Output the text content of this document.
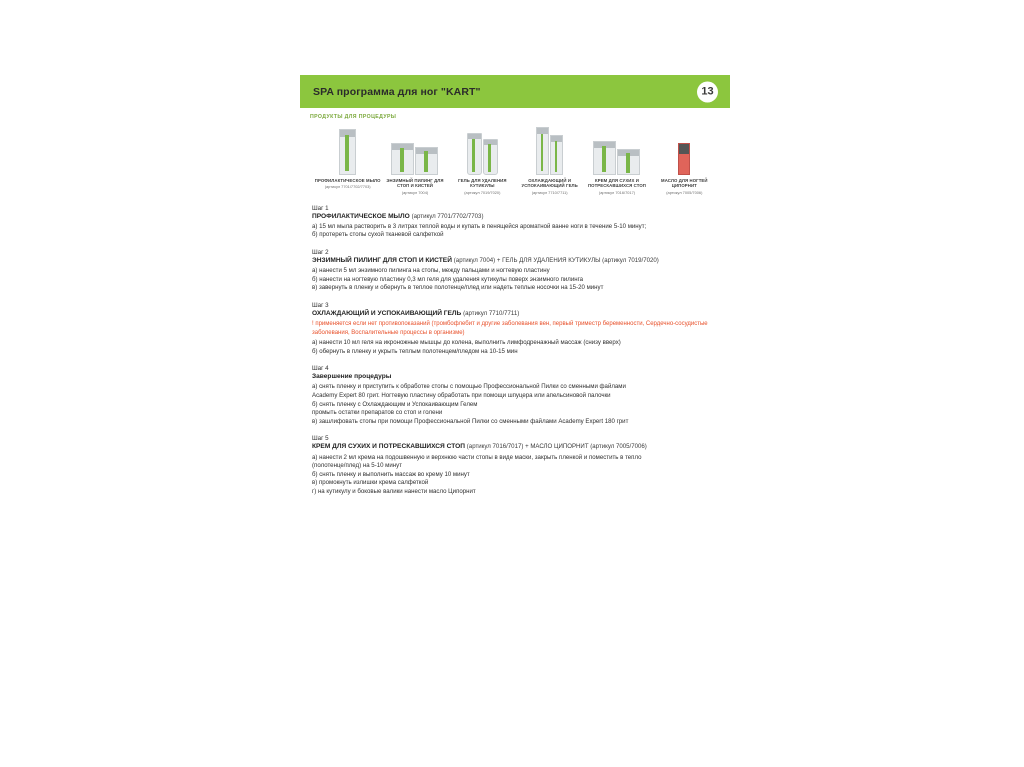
SPA программа для ног "KART"	13
ПРОДУКТЫ ДЛЯ ПРОЦЕДУРЫ
ПРОФИЛАКТИЧЕСКОЕ МЫЛО
(артикул 7701/7702/7703)
ЭНЗИМНЫЙ ПИЛИНГ ДЛЯ СТОП И КИСТЕЙ
(артикул 7004)
ГЕЛЬ ДЛЯ УДАЛЕНИЯ КУТИКУЛЫ
(артикул 7019/7020)
ОХЛАЖДАЮЩИЙ И УСПОКАИВАЮЩИЙ ГЕЛЬ
(артикул 7710/7711)
КРЕМ ДЛЯ СУХИХ И ПОТРЕСКАВШИХСЯ СТОП
(артикул 7016/7017)
МАСЛО ДЛЯ НОГТЕЙ ЦИПОРНИТ
(артикул 7005/7006)
Шаг 1
ПРОФИЛАКТИЧЕСКОЕ МЫЛО (артикул 7701/7702/7703)
а) 15 мл мыла растворить в 3 литрах теплой воды и купать в пенящейся ароматной ванне ноги в течение 5-10 минут;
б) протереть стопы сухой тканевой салфеткой
Шаг 2
ЭНЗИМНЫЙ ПИЛИНГ ДЛЯ СТОП И КИСТЕЙ (артикул 7004) + ГЕЛЬ ДЛЯ УДАЛЕНИЯ КУТИКУЛЫ (артикул 7019/7020)
а) нанести 5 мл энзимного пилинга на стопы, между пальцами и ногтевую пластину
б) нанести на ногтевую пластину 0,3 мл геля для удаления кутикулы поверх энзимного пилинга
в) завернуть в пленку и обернуть в теплое полотенце/плед или надеть теплые носочки на 15-20 минут
Шаг 3
ОХЛАЖДАЮЩИЙ И УСПОКАИВАЮЩИЙ ГЕЛЬ (артикул 7710/7711)
! применяется если нет противопоказаний (тромбофлебит и другие заболевания вен, первый триместр беременности, Сердечно-сосудистые заболевания, Воспалительные процессы в организме)
а) нанести 10 мл геля на икроножные мышцы до колена, выполнить лимфодренажный массаж (снизу вверх)
б) обернуть в пленку и укрыть теплым полотенцем/пледом на 10-15 мин
Шаг 4
Завершение процедуры
а) снять пленку и приступить к обработке стопы с помощью Профессиональной Пилки со сменными файлами
Academy Expert 80 грит. Ногтевую пластину обработать при помощи шпуцера или апельсиновой палочки
б) снять пленку с Охлаждающим и Успокаивающим Гелем
промыть остатки препаратов со стоп и голени
в) зашлифовать стопы при помощи Профессиональной Пилки со сменными файлами Academy Expert 180 грит
Шаг 5
КРЕМ ДЛЯ СУХИХ И ПОТРЕСКАВШИХСЯ СТОП (артикул 7016/7017) + МАСЛО ЦИПОРНИТ (артикул 7005/7006)
а) нанести 2 мл крема на подошвенную и верхнюю части стопы в виде маски, закрыть пленкой и поместить в тепло
(полотенце/плед) на 5-10 минут
б) снять пленку и выполнить массаж во крему 10 минут
в) промокнуть излишки крема салфеткой
г) на кутикулу и боковые валики нанести масло Ципорнит
